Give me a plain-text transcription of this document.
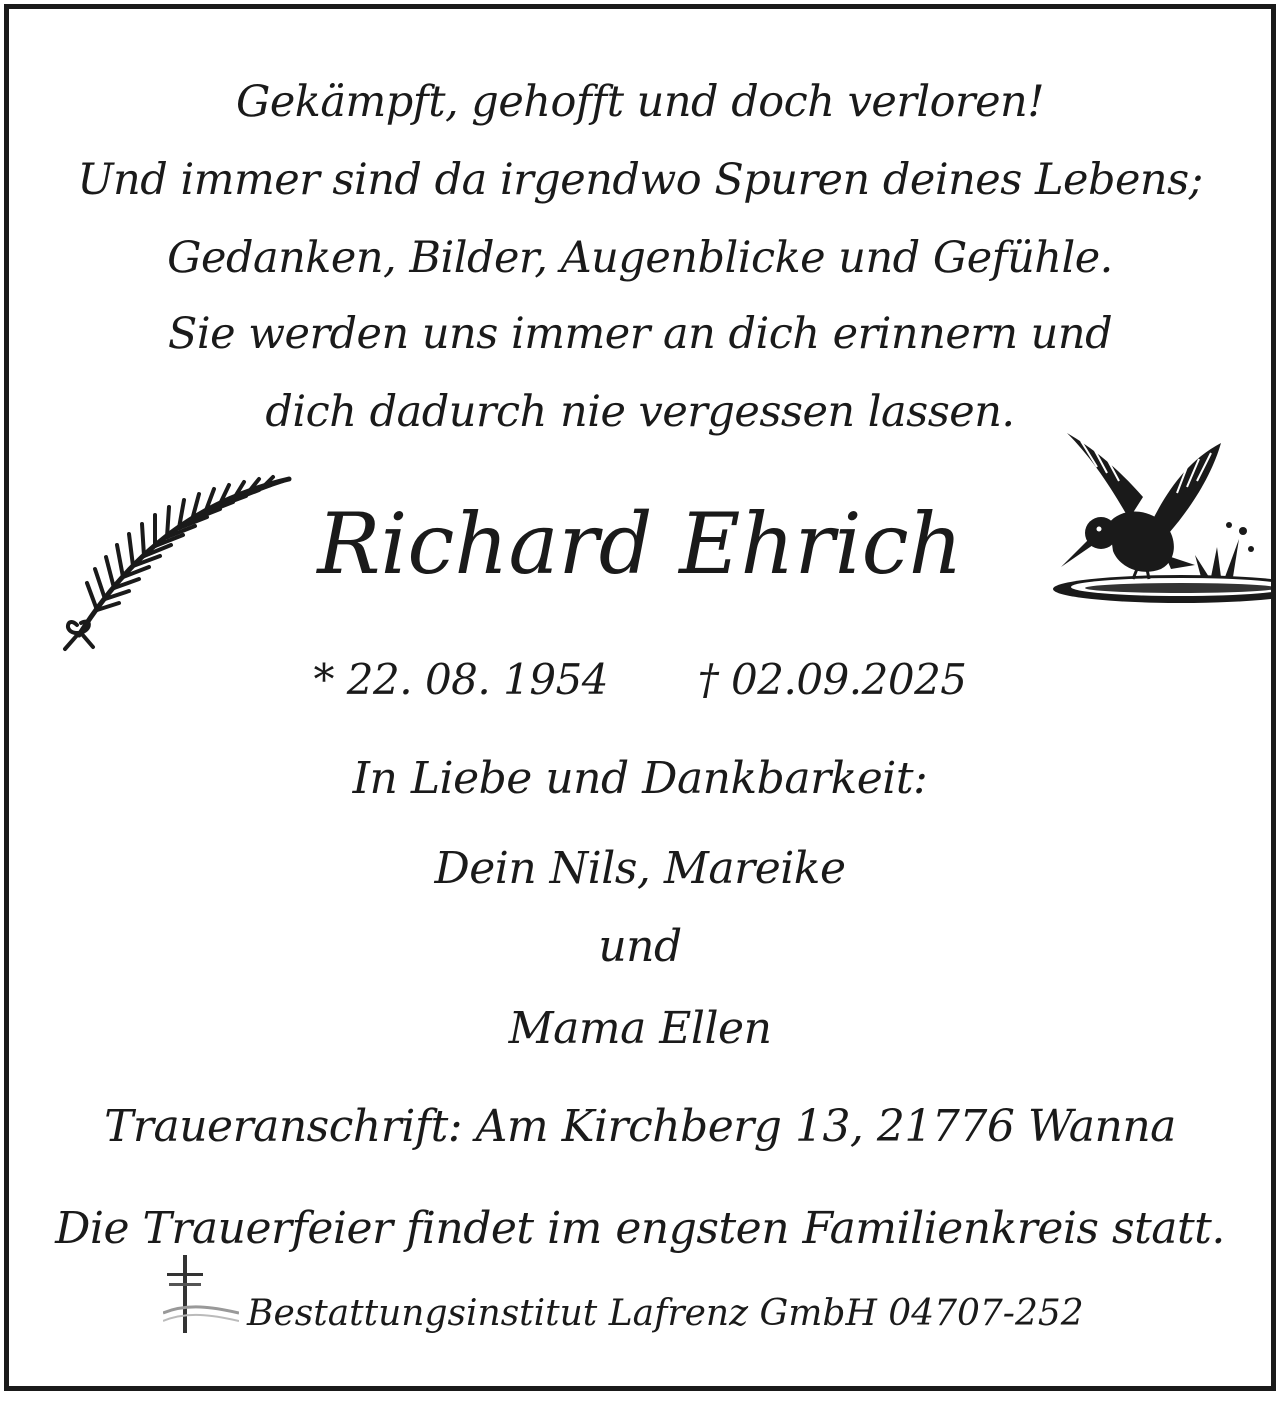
Gekämpft, gehofft und doch verloren!
Und immer sind da irgendwo Spuren deines Lebens;
Gedanken, Bilder, Augenblicke und Gefühle.
Sie werden uns immer an dich erinnern und
dich dadurch nie vergessen lassen.
Richard Ehrich
* 22. 08. 1954 † 02.09.2025
In Liebe und Dankbarkeit:
Dein Nils, Mareike
und
Mama Ellen
Traueranschrift: Am Kirchberg 13, 21776 Wanna
Die Trauerfeier findet im engsten Familienkreis statt.
Bestattungsinstitut Lafrenz GmbH 04707-252
